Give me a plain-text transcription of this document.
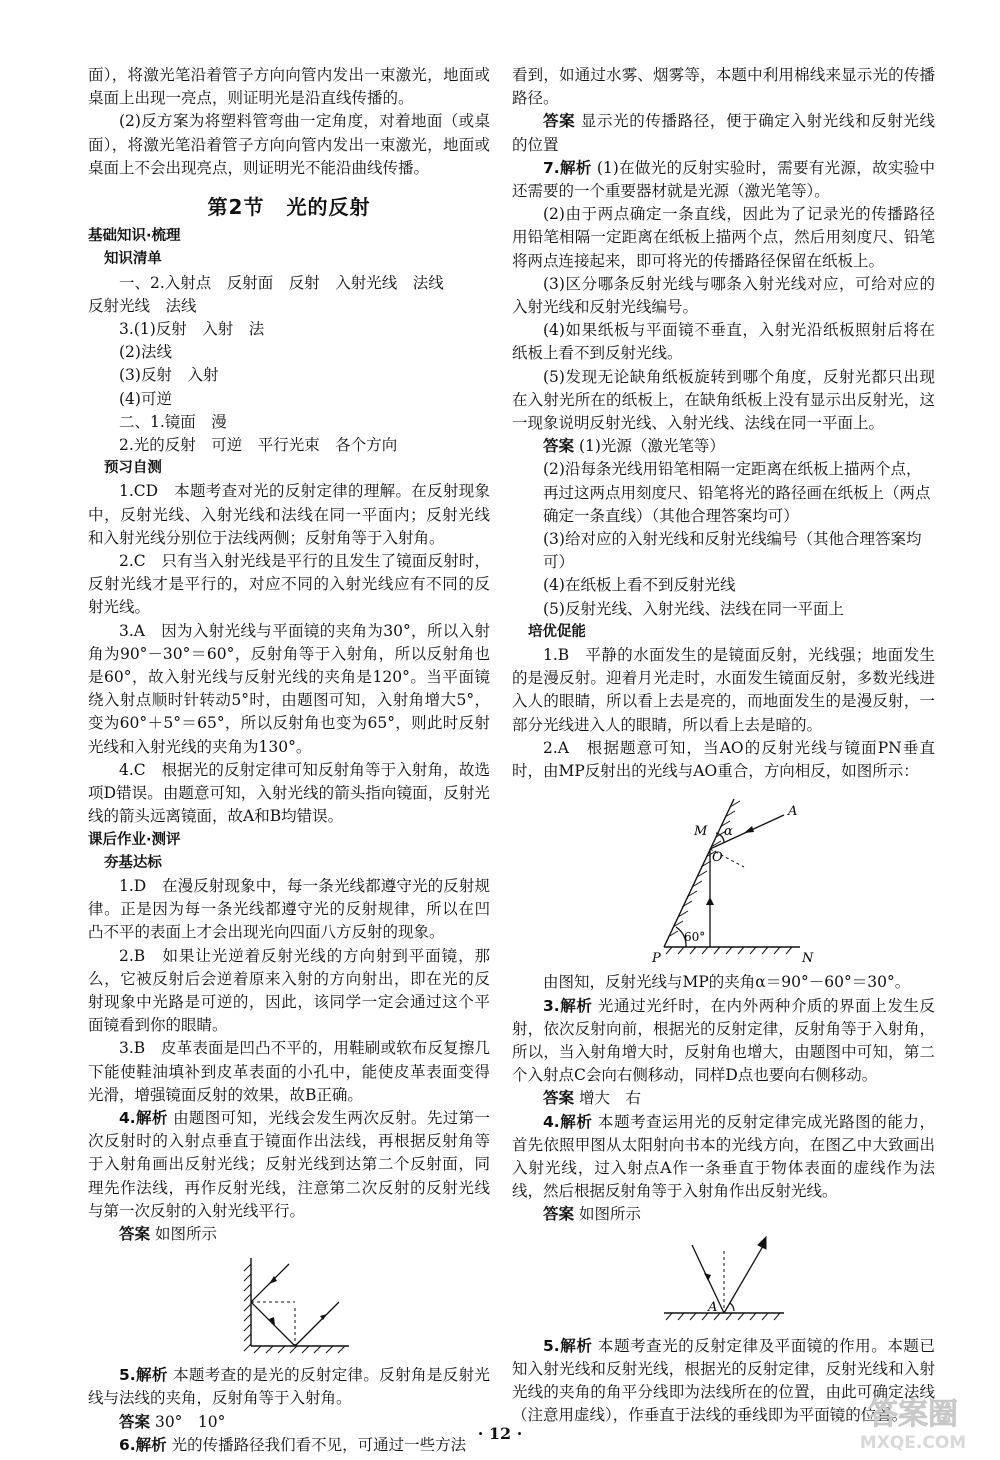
面），将激光笔沿着管子方向向管内发出一束激光，地面或桌面上出现一亮点，则证明光是沿直线传播的。

(2)反方案为将塑料管弯曲一定角度，对着地面（或桌面），将激光笔沿着管子方向向管内发出一束激光，地面或桌面上不会出现亮点，则证明光不能沿曲线传播。

第2节 光的反射

基础知识·梳理

知识清单

一、2.入射点　反射面　反射　入射光线　法线

反射光线　法线

3.(1)反射　入射　法

(2)法线

(3)反射　入射

(4)可逆

二、1.镜面　漫

2.光的反射　可逆　平行光束　各个方向

预习自测

1.CD　本题考查对光的反射定律的理解。在反射现象中，反射光线、入射光线和法线在同一平面内；反射光线和入射光线分别位于法线两侧；反射角等于入射角。

2.C　只有当入射光线是平行的且发生了镜面反射时，反射光线才是平行的，对应不同的入射光线应有不同的反射光线。

3.A　因为入射光线与平面镜的夹角为30°，所以入射角为90°－30°＝60°，反射角等于入射角，所以反射角也是60°，故入射光线与反射光线的夹角是120°。当平面镜绕入射点顺时针转动5°时，由题图可知，入射角增大5°，变为60°＋5°＝65°，所以反射角也变为65°，则此时反射光线和入射光线的夹角为130°。

4.C　根据光的反射定律可知反射角等于入射角，故选项D错误。由题意可知，入射光线的箭头指向镜面，反射光线的箭头远离镜面，故A和B均错误。

课后作业·测评

夯基达标

1.D　在漫反射现象中，每一条光线都遵守光的反射规律。正是因为每一条光线都遵守光的反射规律，所以在凹凸不平的表面上才会出现光向四面八方反射的现象。

2.B　如果让光逆着反射光线的方向射到平面镜，那么，它被反射后会逆着原来入射的方向射出，即在光的反射现象中光路是可逆的，因此，该同学一定会通过这个平面镜看到你的眼睛。

3.B　皮革表面是凹凸不平的，用鞋刷或软布反复擦几下能使鞋油填补到皮革表面的小孔中，能使皮革表面变得光滑，增强镜面反射的效果，故B正确。

4.解析 由题图可知，光线会发生两次反射。先过第一次反射时的入射点垂直于镜面作出法线，再根据反射角等于入射角画出反射光线；反射光线到达第二个反射面，同理先作法线，再作反射光线，注意第二次反射的反射光线与第一次反射的入射光线平行。

答案 如图所示

5.解析 本题考查的是光的反射定律。反射角是反射光线与法线的夹角，反射角等于入射角。

答案 30°　10°

6.解析 光的传播路径我们看不见，可通过一些方法

看到，如通过水雾、烟雾等，本题中利用棉线来显示光的传播路径。

答案 显示光的传播路径，便于确定入射光线和反射光线的位置

7.解析 (1)在做光的反射实验时，需要有光源，故实验中还需要的一个重要器材就是光源（激光笔等）。

(2)由于两点确定一条直线，因此为了记录光的传播路径用铅笔相隔一定距离在纸板上描两个点，然后用刻度尺、铅笔将两点连接起来，即可将光的传播路径保留在纸板上。

(3)区分哪条反射光线与哪条入射光线对应，可给对应的入射光线和反射光线编号。

(4)如果纸板与平面镜不垂直，入射光沿纸板照射后将在纸板上看不到反射光线。

(5)发现无论缺角纸板旋转到哪个角度，反射光都只出现在入射光所在的纸板上，在缺角纸板上没有显示出反射光，这一现象说明反射光线、入射光线、法线在同一平面上。

答案 (1)光源（激光笔等）

(2)沿每条光线用铅笔相隔一定距离在纸板上描两个点，再过这两点用刻度尺、铅笔将光的路径画在纸板上（两点确定一条直线）（其他合理答案均可）

(3)给对应的入射光线和反射光线编号（其他合理答案均可）

(4)在纸板上看不到反射光线

(5)反射光线、入射光线、法线在同一平面上

培优促能

1.B　平静的水面发生的是镜面反射，光线强；地面发生的是漫反射。迎着月光走时，水面发生镜面反射，多数光线进入人的眼睛，所以看上去是亮的，而地面发生的是漫反射，一部分光线进入人的眼睛，所以看上去是暗的。

2.A　根据题意可知，当AO的反射光线与镜面PN垂直时，由MP反射出的光线与AO重合，方向相反，如图所示：

M
A
O
α
60°
P	N

由图知，反射光线与MP的夹角α＝90°－60°＝30°。

3.解析 光通过光纤时，在内外两种介质的界面上发生反射，依次反射向前，根据光的反射定律，反射角等于入射角，所以，当入射角增大时，反射角也增大，由题图中可知，第二个入射点C会向右侧移动，同样D点也要向右侧移动。

答案 增大　右

4.解析 本题考查运用光的反射定律完成光路图的能力，首先依照甲图从太阳射向书本的光线方向，在图乙中大致画出入射光线，过入射点A作一条垂直于物体表面的虚线作为法线，然后根据反射角等于入射角作出反射光线。

答案 如图所示

A

5.解析 本题考查光的反射定律及平面镜的作用。本题已知入射光线和反射光线，根据光的反射定律，反射光线和入射光线的夹角的角平分线即为法线所在的位置，由此可确定法线（注意用虚线），作垂直于法线的垂线即为平面镜的位置。

· 12 ·
答案圈
MXQE.COM
